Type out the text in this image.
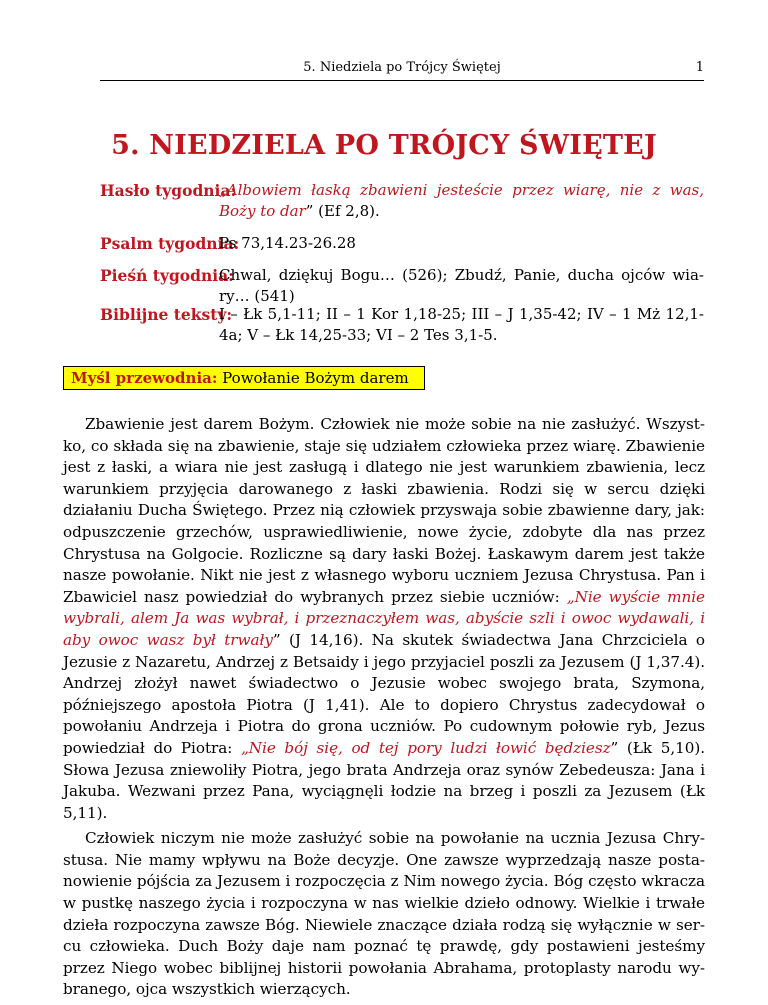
5. Niedziela po Trójcy Świętej	1
5. NIEDZIELA PO TRÓJCY ŚWIĘTEJ
Hasło tygodnia:
„Albowiem łaską zbawieni jesteście przez wiarę, nie z was, Boży to dar” (Ef 2,8).
Psalm tygodnia:
Ps 73,14.23-26.28
Pieśń tygodnia:
Chwal, dziękuj Bogu… (526); Zbudź, Panie, ducha ojców wiary… (541)
Biblijne teksty:
I – Łk 5,1-11; II – 1 Kor 1,18-25; III – J 1,35-42; IV – 1 Mż 12,1-4a; V – Łk 14,25-33; VI – 2 Tes 3,1-5.
Myśl przewodnia: Powołanie Bożym darem

Zbawienie jest darem Bożym. Człowiek nie może sobie na nie zasłużyć. Wszystko, co składa się na zbawienie, staje się udziałem człowieka przez wiarę. Zbawienie jest z łaski, a wiara nie jest zasługą i dlatego nie jest warunkiem zbawienia, lecz warunkiem przyjęcia darowanego z łaski zbawienia. Rodzi się w sercu dzięki działaniu Ducha Świętego. Przez nią człowiek przyswaja sobie zbawienne dary, jak: odpuszczenie grzechów, usprawiedliwienie, nowe życie, zdobyte dla nas przez Chrystusa na Golgocie. Rozliczne są dary łaski Bożej. Łaskawym darem jest także nasze powołanie. Nikt nie jest z własnego wyboru uczniem Jezusa Chrystusa. Pan i Zbawiciel nasz powiedział do wybranych przez siebie uczniów: „Nie wyście mnie wybrali, alem Ja was wybrał, i przeznaczyłem was, abyście szli i owoc wydawali, i aby owoc wasz był trwały” (J 14,16). Na skutek świadectwa Jana Chrzciciela o Jezusie z Nazaretu, Andrzej z Betsaidy i jego przyjaciel poszli za Jezusem (J 1,37.4). Andrzej złożył nawet świadectwo o Jezusie wobec swojego brata, Szymona, późniejszego apostoła Piotra (J 1,41). Ale to dopiero Chrystus zadecydował o powołaniu Andrzeja i Piotra do grona uczniów. Po cudownym połowie ryb, Jezus powiedział do Piotra: „Nie bój się, od tej pory ludzi łowić będziesz” (Łk 5,10). Słowa Jezusa zniewoliły Piotra, jego brata Andrzeja oraz synów Zebedeusza: Jana i Jakuba. Wezwani przez Pana, wyciągnęli łodzie na brzeg i poszli za Jezusem (Łk 5,11).

Człowiek niczym nie może zasłużyć sobie na powołanie na ucznia Jezusa Chrystusa. Nie mamy wpływu na Boże decyzje. One zawsze wyprzedzają nasze postanowienie pójścia za Jezusem i rozpoczęcia z Nim nowego życia. Bóg często wkracza w pustkę naszego życia i rozpoczyna w nas wielkie dzieło odnowy. Wielkie i trwałe dzieła rozpoczyna zawsze Bóg. Niewiele znaczące działa rodzą się wyłącznie w sercu człowieka. Duch Boży daje nam poznać tę prawdę, gdy postawieni jesteśmy przez Niego wobec biblijnej historii powołania Abrahama, protoplasty narodu wybranego, ojca wszystkich wierzących.
